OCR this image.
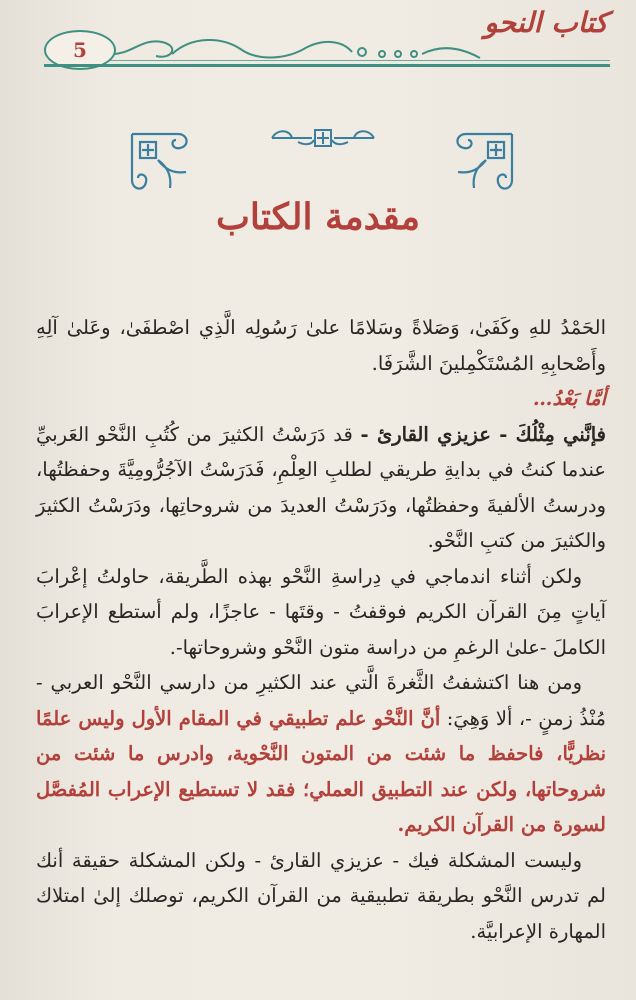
5
كتاب النحو
مقدمة الكتاب

الحَمْدُ للهِ وكَفَىٰ، وَصَلاةً وسَلامًا علىٰ رَسُولِه الَّذِي اصْطفَىٰ، وعَلىٰ آلِهِ وأَصْحابِهِ المُسْتَكْمِلينَ الشَّرَفَا.

أمَّا بَعْدُ…

فإنَّني مِثْلُكَ - عزيزي القارئ - قد دَرَسْتُ الكثيرَ من كُتُبِ النَّحْو العَربيِّ عندما كنتُ في بدايةِ طريقي لطلبِ العِلْمِ، فَدَرَسْتُ الآجُرُّومِيَّةَ وحفظتُها، ودرستُ الألفيةَ وحفظتُها، ودَرَسْتُ العديدَ من شروحاتِها، ودَرَسْتُ الكثيرَ والكثيرَ من كتبِ النَّحْو.

ولكن أثناء اندماجي في دِراسةِ النَّحْو بهذه الطَّريقة، حاولتُ إعْرابَ آياتٍ مِنَ القرآن الكريم فوقفتُ - وقتَها - عاجزًا، ولم أستطع الإعرابَ الكاملَ -علىٰ الرغمِ من دراسة متون النَّحْو وشروحاتها-.

ومن هنا اكتشفتُ الثَّغرةَ الَّتي عند الكثيرِ من دارسي النَّحْو العربي - مُنْذُ زمنٍ -، ألا وَهِيَ: أنَّ النَّحْو علم تطبيقي في المقام الأول وليس علمًا نظريًّا، فاحفظ ما شئت من المتون النَّحْوية، وادرس ما شئت من شروحاتها، ولكن عند التطبيق العملي؛ فقد لا تستطيع الإعراب المُفصَّل لسورة من القرآن الكريم.

وليست المشكلة فيك - عزيزي القارئ - ولكن المشكلة حقيقة أنك لم تدرس النَّحْو بطريقة تطبيقية من القرآن الكريم، توصلك إلىٰ امتلاك المهارة الإعرابيَّة.
